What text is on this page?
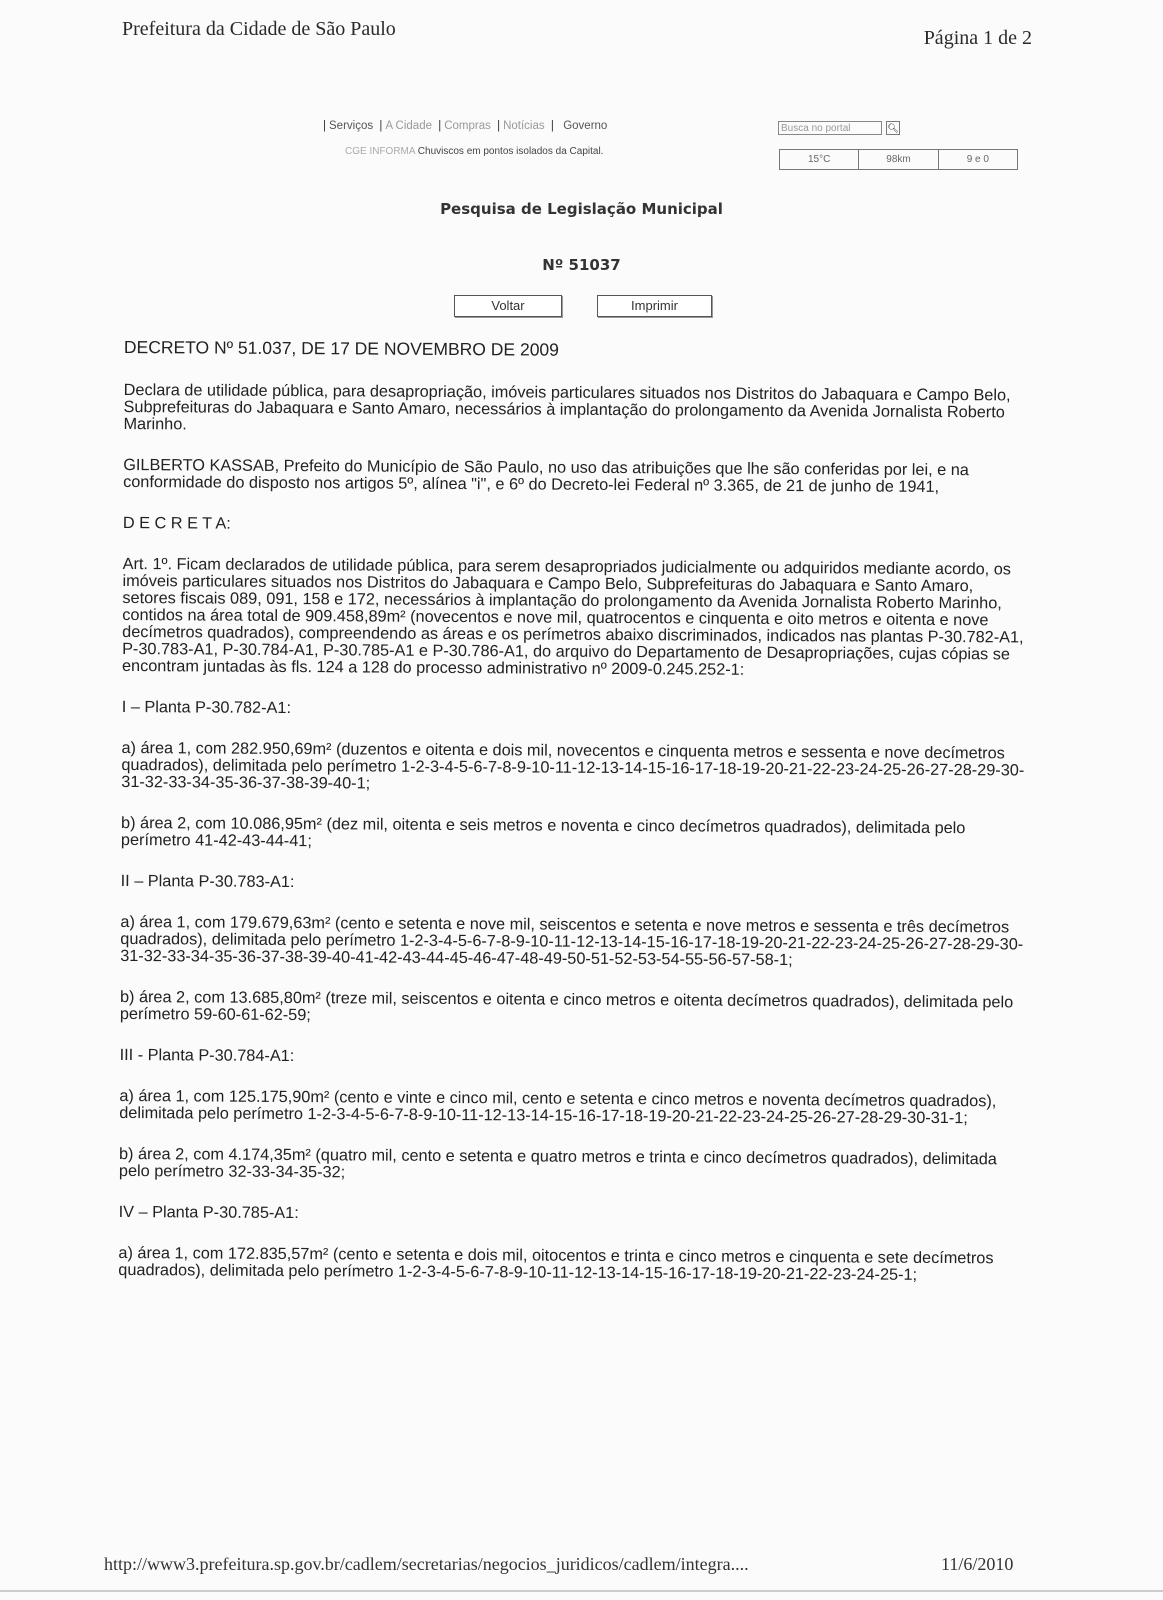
Prefeitura da Cidade de São Paulo	Página 1 de 2
| Serviços | A Cidade | Compras | Notícias | Governo
CGE INFORMA Chuviscos em pontos isolados da Capital.
Busca no portal	🔍︎
15°C	98km	9 e 0
Pesquisa de Legislação Municipal
Nº 51037
Voltar	Imprimir

DECRETO Nº 51.037, DE 17 DE NOVEMBRO DE 2009

Declara de utilidade pública, para desapropriação, imóveis particulares situados nos Distritos do Jabaquara e Campo Belo, Subprefeituras do Jabaquara e Santo Amaro, necessários à implantação do prolongamento da Avenida Jornalista Roberto Marinho.

GILBERTO KASSAB, Prefeito do Município de São Paulo, no uso das atribuições que lhe são conferidas por lei, e na conformidade do disposto nos artigos 5º, alínea "i", e 6º do Decreto-lei Federal nº 3.365, de 21 de junho de 1941,

D E C R E T A:

Art. 1º. Ficam declarados de utilidade pública, para serem desapropriados judicialmente ou adquiridos mediante acordo, os imóveis particulares situados nos Distritos do Jabaquara e Campo Belo, Subprefeituras do Jabaquara e Santo Amaro, setores fiscais 089, 091, 158 e 172, necessários à implantação do prolongamento da Avenida Jornalista Roberto Marinho, contidos na área total de 909.458,89m² (novecentos e nove mil, quatrocentos e cinquenta e oito metros e oitenta e nove decímetros quadrados), compreendendo as áreas e os perímetros abaixo discriminados, indicados nas plantas P-30.782-A1, P-30.783-A1, P-30.784-A1, P-30.785-A1 e P-30.786-A1, do arquivo do Departamento de Desapropriações, cujas cópias se encontram juntadas às fls. 124 a 128 do processo administrativo nº 2009-0.245.252-1:

I – Planta P-30.782-A1:

a) área 1, com 282.950,69m² (duzentos e oitenta e dois mil, novecentos e cinquenta metros e sessenta e nove decímetros quadrados), delimitada pelo perímetro 1-2-3-4-5-6-7-8-9-10-11-12-13-14-15-16-17-18-19-20-21-22-23-24-25-26-27-28-29-30-31-32-33-34-35-36-37-38-39-40-1;

b) área 2, com 10.086,95m² (dez mil, oitenta e seis metros e noventa e cinco decímetros quadrados), delimitada pelo perímetro 41-42-43-44-41;

II – Planta P-30.783-A1:

a) área 1, com 179.679,63m² (cento e setenta e nove mil, seiscentos e setenta e nove metros e sessenta e três decímetros quadrados), delimitada pelo perímetro 1-2-3-4-5-6-7-8-9-10-11-12-13-14-15-16-17-18-19-20-21-22-23-24-25-26-27-28-29-30-31-32-33-34-35-36-37-38-39-40-41-42-43-44-45-46-47-48-49-50-51-52-53-54-55-56-57-58-1;

b) área 2, com 13.685,80m² (treze mil, seiscentos e oitenta e cinco metros e oitenta decímetros quadrados), delimitada pelo perímetro 59-60-61-62-59;

III - Planta P-30.784-A1:

a) área 1, com 125.175,90m² (cento e vinte e cinco mil, cento e setenta e cinco metros e noventa decímetros quadrados), delimitada pelo perímetro 1-2-3-4-5-6-7-8-9-10-11-12-13-14-15-16-17-18-19-20-21-22-23-24-25-26-27-28-29-30-31-1;

b) área 2, com 4.174,35m² (quatro mil, cento e setenta e quatro metros e trinta e cinco decímetros quadrados), delimitada pelo perímetro 32-33-34-35-32;

IV – Planta P-30.785-A1:

a) área 1, com 172.835,57m² (cento e setenta e dois mil, oitocentos e trinta e cinco metros e cinquenta e sete decímetros quadrados), delimitada pelo perímetro 1-2-3-4-5-6-7-8-9-10-11-12-13-14-15-16-17-18-19-20-21-22-23-24-25-1;

http://www3.prefeitura.sp.gov.br/cadlem/secretarias/negocios_juridicos/cadlem/integra....	11/6/2010
